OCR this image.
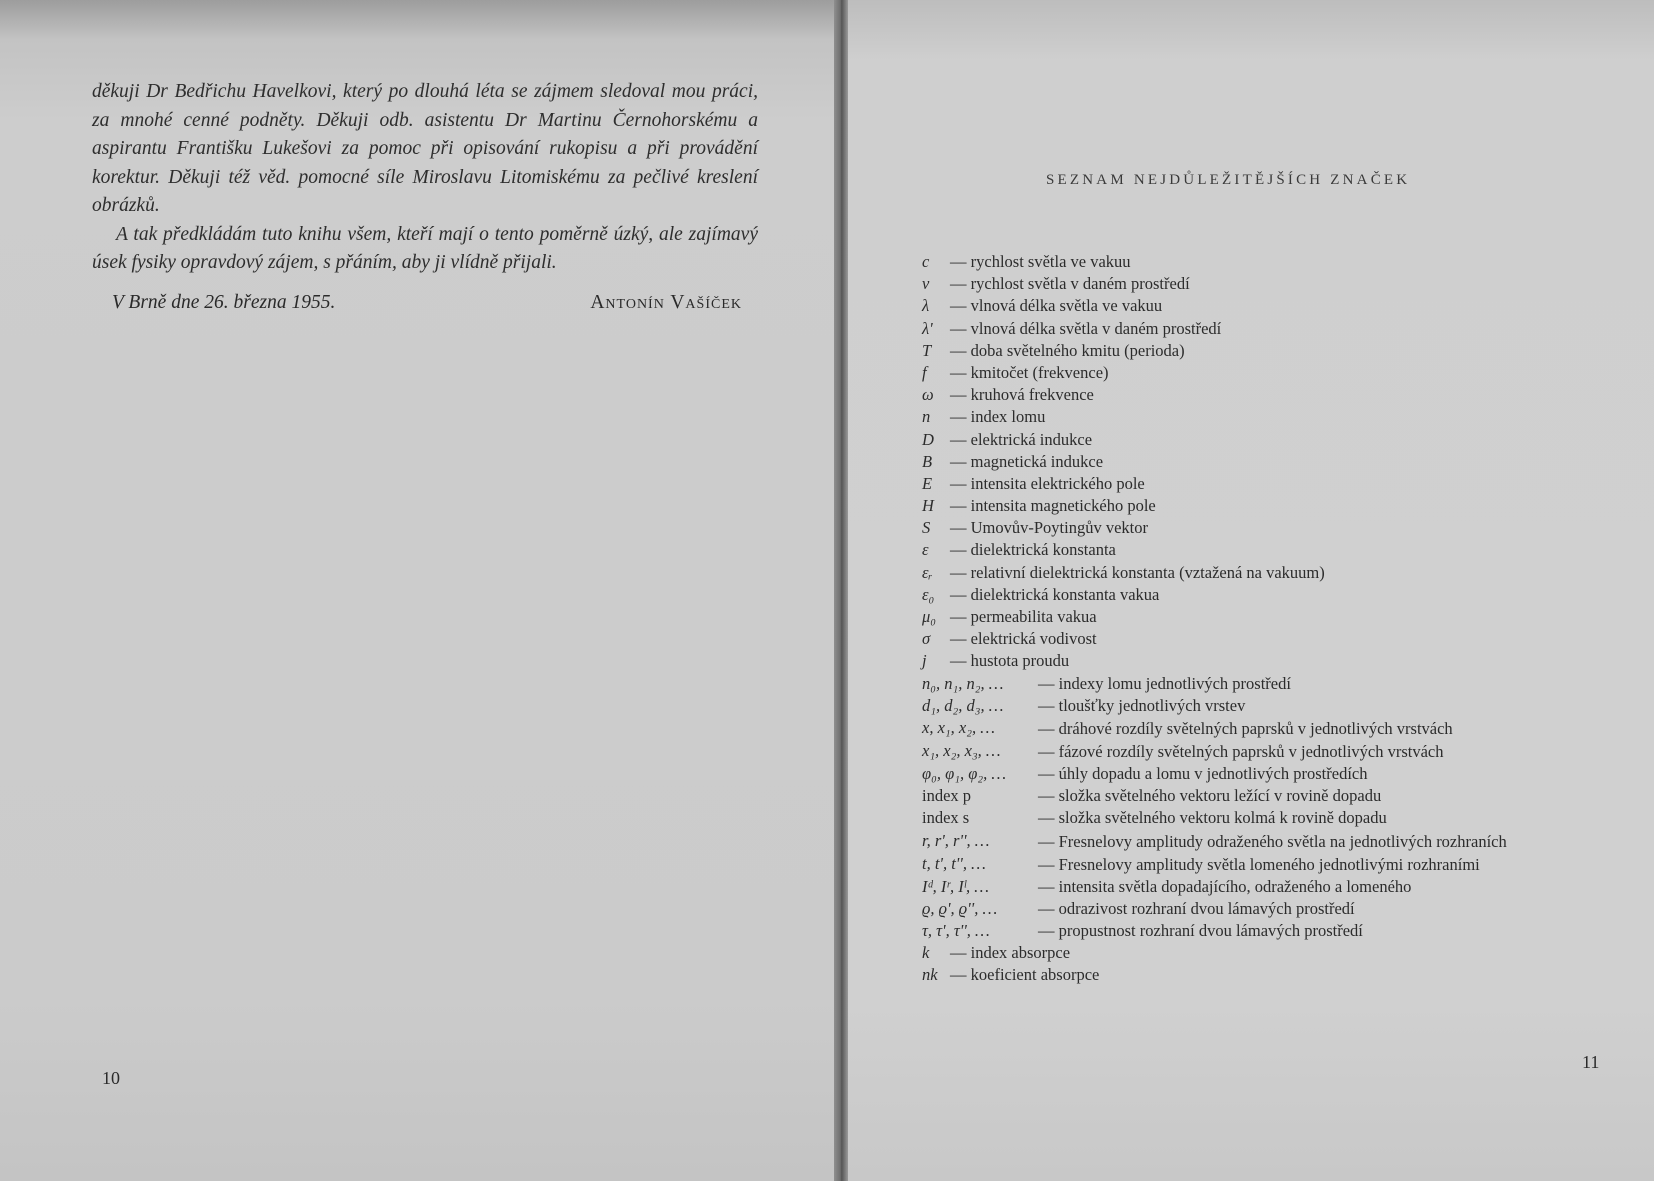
děkuji Dr Bedřichu Havelkovi, který po dlouhá léta se zájmem sledoval mou práci, za mnohé cenné podněty. Děkuji odb. asistentu Dr Martinu Černohorskému a aspirantu Františku Lukešovi za pomoc při opisování rukopisu a při provádění korektur. Děkuji též věd. pomocné síle Miroslavu Litomiskému za pečlivé kreslení obrázků.

A tak předkládám tuto knihu všem, kteří mají o tento poměrně úzký, ale zajímavý úsek fysiky opravdový zájem, s přáním, aby ji vlídně přijali.

V Brně dne 26. března 1955.	Antonín Vašíček
10
SEZNAM NEJDŮLEŽITĚJŠÍCH ZNAČEK
c	— rychlost světla ve vakuu
v	— rychlost světla v daném prostředí
λ	— vlnová délka světla ve vakuu
λ'	— vlnová délka světla v daném prostředí
T	— doba světelného kmitu (perioda)
f	— kmitočet (frekvence)
ω — kruhová frekvence
n	— index lomu
D — elektrická indukce
B	— magnetická indukce
E	— intensita elektrického pole
H — intensita magnetického pole
S	— Umovův-Poytingův vektor
ε	— dielektrická konstanta
εᵣ	— relativní dielektrická konstanta (vztažená na vakuum)
ε₀ — dielektrická konstanta vakua
μ₀ — permeabilita vakua
σ	— elektrická vodivost
j	— hustota proudu
n₀, n₁, n₂, …	— indexy lomu jednotlivých prostředí
d₁, d₂, d₃, …	— tloušťky jednotlivých vrstev
x, x₁, x₂, …	— dráhové rozdíly světelných paprsků v jednotlivých vrstvách
x₁, x₂, x₃, …	— fázové rozdíly světelných paprsků v jednotlivých vrstvách
φ₀, φ₁, φ₂, …	— úhly dopadu a lomu v jednotlivých prostředích
index p	— složka světelného vektoru ležící v rovině dopadu
index s	— složka světelného vektoru kolmá k rovině dopadu
r, r', r'', …	— Fresnelovy amplitudy odraženého světla na jednotlivých rozhraních
t, t', t'', …	— Fresnelovy amplitudy světla lomeného jednotlivými rozhraními
Iᵈ, Iʳ, Iˡ, …	— intensita světla dopadajícího, odraženého a lomeného
ϱ, ϱ', ϱ'', …	— odrazivost rozhraní dvou lámavých prostředí
τ, τ', τ'', …	— propustnost rozhraní dvou lámavých prostředí
k	— index absorpce
nk — koeficient absorpce
11
